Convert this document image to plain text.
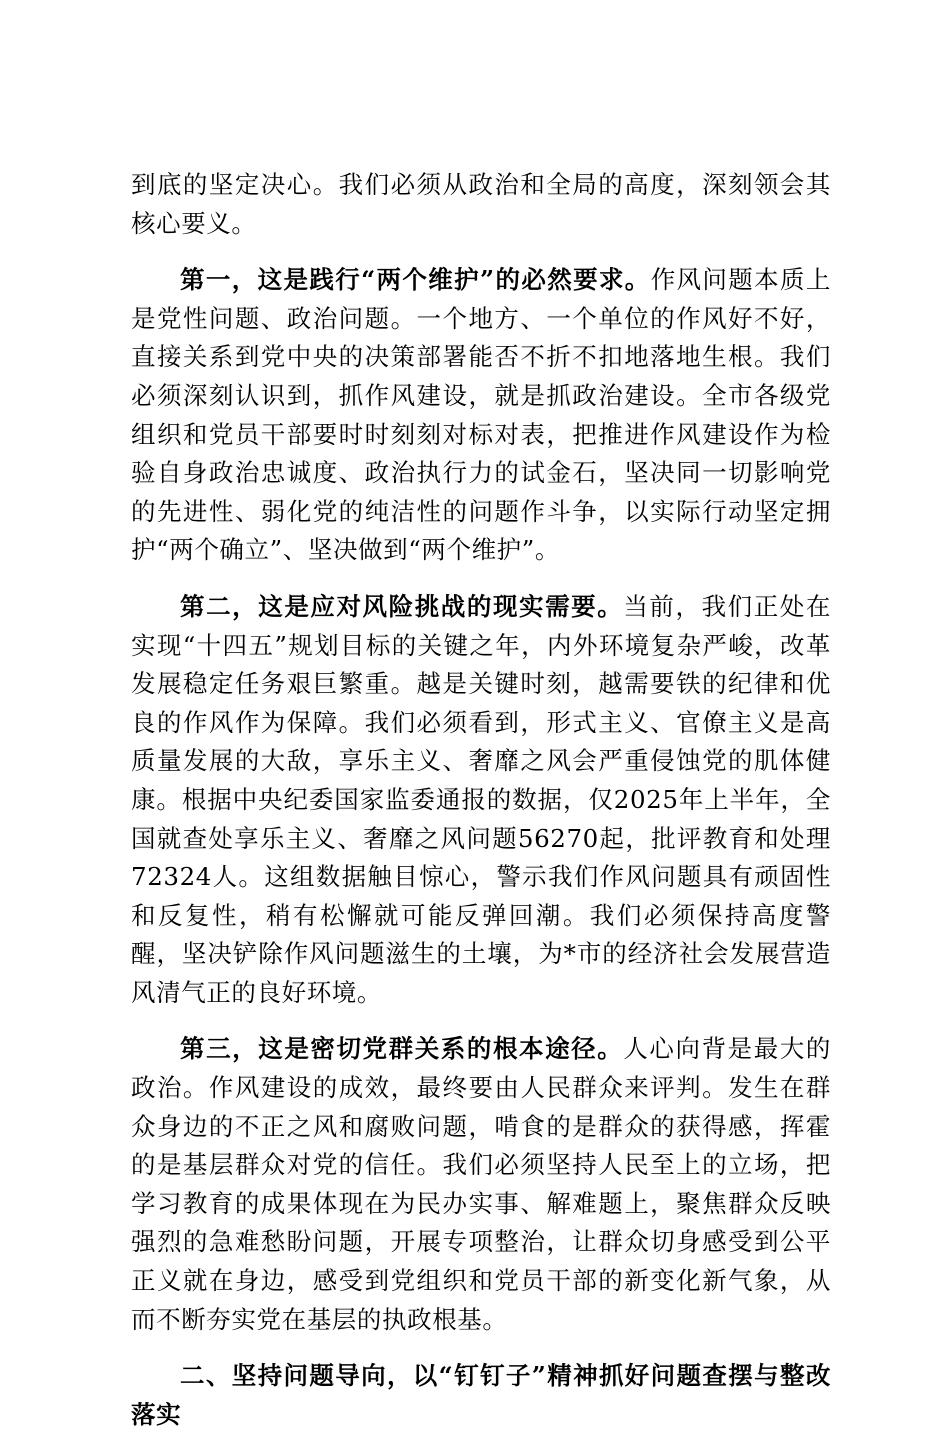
到底的坚定决心。我们必须从政治和全局的高度，深刻领会其核心要义。

第一，这是践行“两个维护”的必然要求。作风问题本质上是党性问题、政治问题。一个地方、一个单位的作风好不好，直接关系到党中央的决策部署能否不折不扣地落地生根。我们必须深刻认识到，抓作风建设，就是抓政治建设。全市各级党组织和党员干部要时时刻刻对标对表，把推进作风建设作为检验自身政治忠诚度、政治执行力的试金石，坚决同一切影响党的先进性、弱化党的纯洁性的问题作斗争，以实际行动坚定拥护“两个确立”、坚决做到“两个维护”。

第二，这是应对风险挑战的现实需要。当前，我们正处在实现“十四五”规划目标的关键之年，内外环境复杂严峻，改革发展稳定任务艰巨繁重。越是关键时刻，越需要铁的纪律和优良的作风作为保障。我们必须看到，形式主义、官僚主义是高质量发展的大敌，享乐主义、奢靡之风会严重侵蚀党的肌体健康。根据中央纪委国家监委通报的数据，仅2025年上半年，全国就查处享乐主义、奢靡之风问题56270起，批评教育和处理72324人。这组数据触目惊心，警示我们作风问题具有顽固性和反复性，稍有松懈就可能反弹回潮。我们必须保持高度警醒，坚决铲除作风问题滋生的土壤，为*市的经济社会发展营造风清气正的良好环境。

第三，这是密切党群关系的根本途径。人心向背是最大的政治。作风建设的成效，最终要由人民群众来评判。发生在群众身边的不正之风和腐败问题，啃食的是群众的获得感，挥霍的是基层群众对党的信任。我们必须坚持人民至上的立场，把学习教育的成果体现在为民办实事、解难题上，聚焦群众反映强烈的急难愁盼问题，开展专项整治，让群众切身感受到公平正义就在身边，感受到党组织和党员干部的新变化新气象，从而不断夯实党在基层的执政根基。

二、坚持问题导向，以“钉钉子”精神抓好问题查摆与整改落实
